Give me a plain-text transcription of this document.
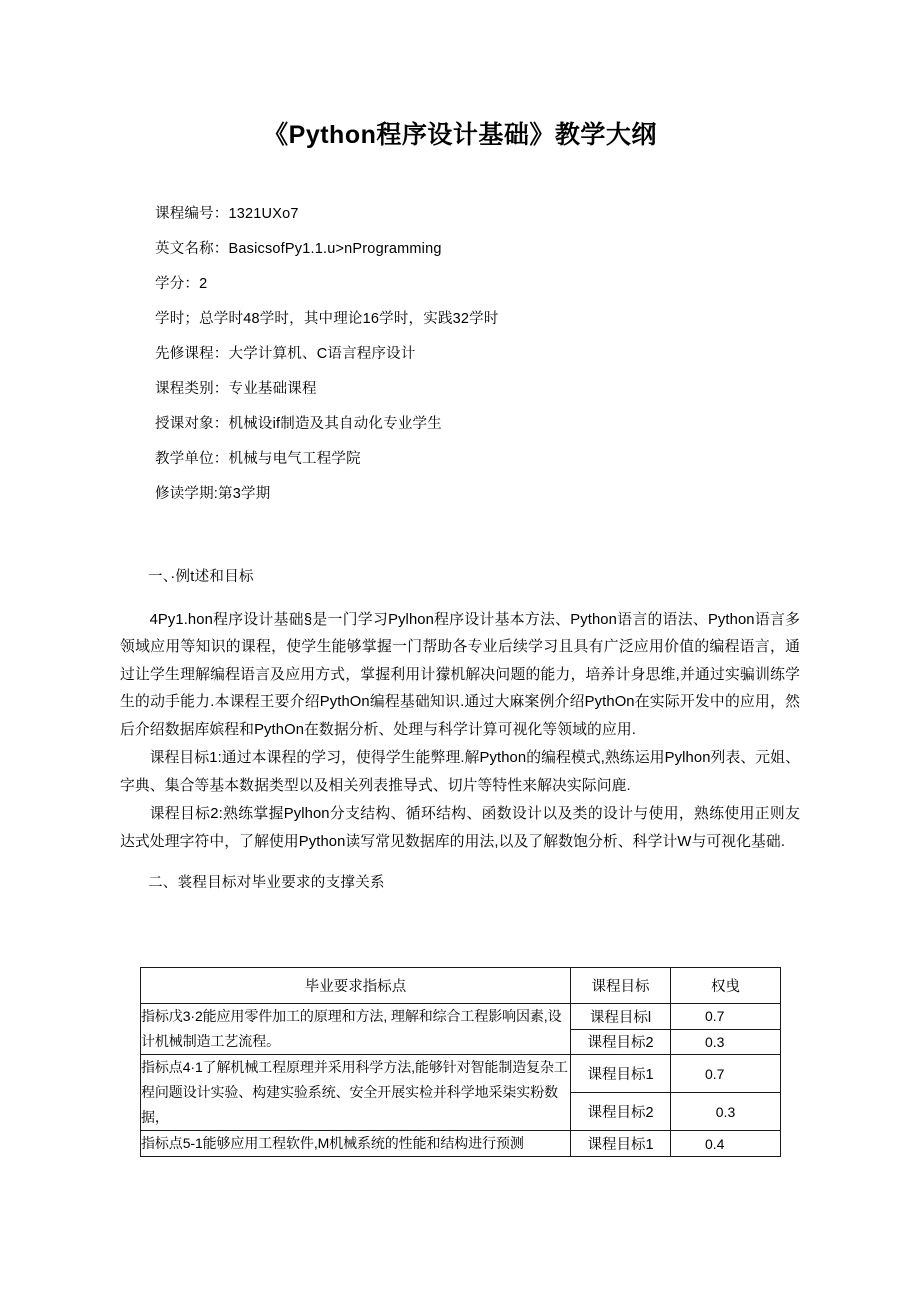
《Python程序设计基础》教学大纲
课程编号：1321UXo7
英文名称：BasicsofPy1.1.u>nProgramming
学分：2
学时；总学时48学时，其中理论16学时，实践32学时
先修课程：大学计算机、C语言程序设计
课程类别：专业基础课程
授课对象：机械设if制造及其自动化专业学生
教学单位：机械与电气工程学院
修读学期:第3学期
一、·例t述和目标

4Py1.hon程序设计基础§是一门学习Pylhon程序设计基本方法、Python语言的语法、Python语言多领域应用等知识的课程，使学生能够掌握一门帮助各专业后续学习且具有广泛应用价值的编程语言，通过让学生理解编程语言及应用方式，掌握利用计獴机解决问题的能力，培养计身思维,并通过实骗训练学生的动手能力.本课程王要介绍PythOn编程基础知识.通过大麻案例介绍PythOn在实际开发中的应用，然后介绍数据库嫔程和PythOn在数据分析、处理与科学计算可视化等领域的应用.

课程目标1:通过本课程的学习，使得学生能弊理.解Python的编程模式,熟练运用Pylhοn列表、元姐、字典、集合等基本数据类型以及相关列表推导式、切片等特性来解决实际问鹿.

课程目标2:熟练掌握Pylhon分支结构、循环结构、函数设计以及类的设计与使用，熟练使用正则友达式处理字符中，了解使用Python读写常见数据库的用法,以及了解数饱分析、科学计W与可视化基础.

二、裳程目标对毕业要求的支撑关系
毕业要求指标点	课程目标	权曵
指标戊3·2能应用零件加工的原理和方法, 理解和综合工程影响因素,设计机械制造工艺流程。	课程目标l	0.7
	课程目标2	0.3
指标点4·1了解机械工程原理并采用科学方法,能够针对智能制造复杂工程问题设计实验、构建实验系统、安全开展实检并科学地采柒实粉数据，	课程目标1	0.7
	课程目标2	0.3
指标点5-1能够应用工程软件,M机械系统的性能和结构进行预测	课程目标1	0.4
